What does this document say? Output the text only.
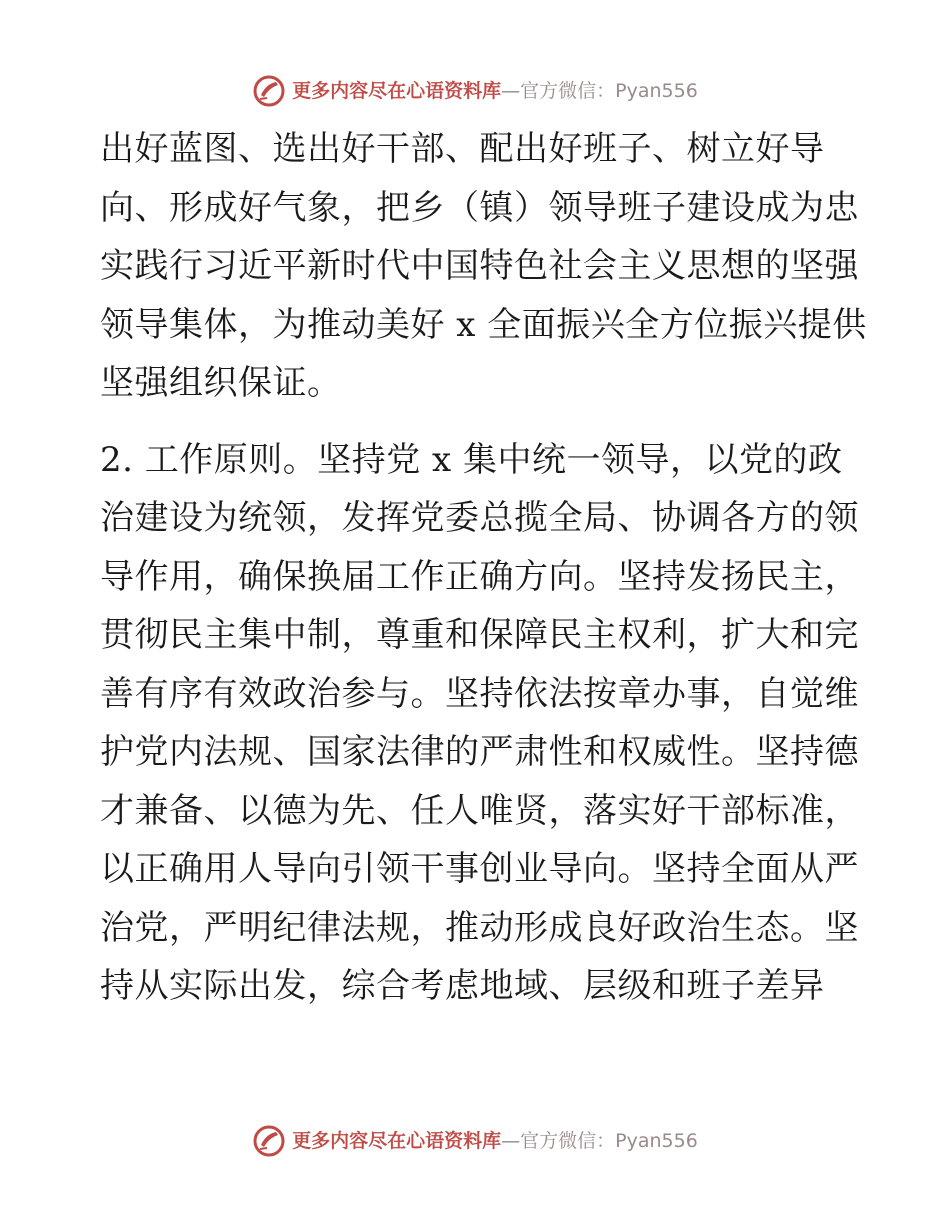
更多内容尽在心语资料库—官方微信：Pyan556
出好蓝图、选出好干部、配出好班子、树立好导
向、形成好气象，把乡（镇）领导班子建设成为忠
实践行习近平新时代中国特色社会主义思想的坚强
领导集体，为推动美好 x 全面振兴全方位振兴提供
坚强组织保证。
2. 工作原则。坚持党 x 集中统一领导，以党的政
治建设为统领，发挥党委总揽全局、协调各方的领
导作用，确保换届工作正确方向。坚持发扬民主，
贯彻民主集中制，尊重和保障民主权利，扩大和完
善有序有效政治参与。坚持依法按章办事，自觉维
护党内法规、国家法律的严肃性和权威性。坚持德
才兼备、以德为先、任人唯贤，落实好干部标准，
以正确用人导向引领干事创业导向。坚持全面从严
治党，严明纪律法规，推动形成良好政治生态。坚
持从实际出发，综合考虑地域、层级和班子差异
更多内容尽在心语资料库—官方微信：Pyan556
